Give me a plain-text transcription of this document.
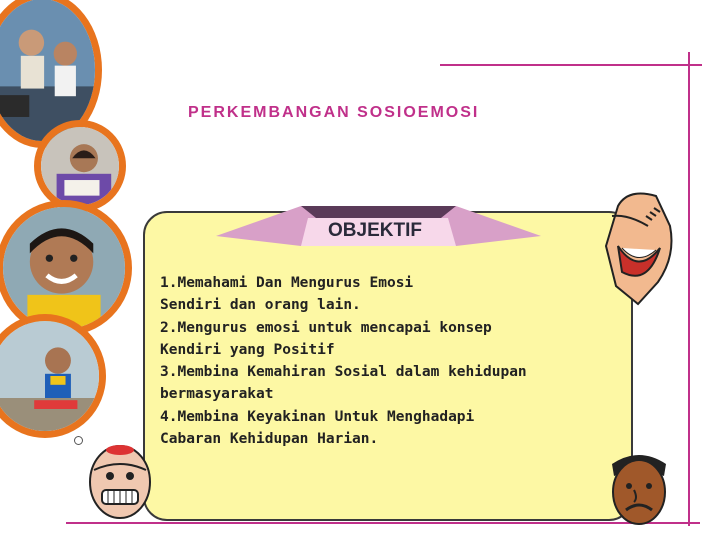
PERKEMBANGAN SOSIOEMOSI
OBJEKTIF
1.Memahami Dan Mengurus Emosi
Sendiri dan orang lain.
2.Mengurus emosi untuk mencapai konsep
Kendiri yang Positif
3.Membina Kemahiran Sosial dalam kehidupan
bermasyarakat
4.Membina Keyakinan Untuk Menghadapi
Cabaran Kehidupan Harian.
